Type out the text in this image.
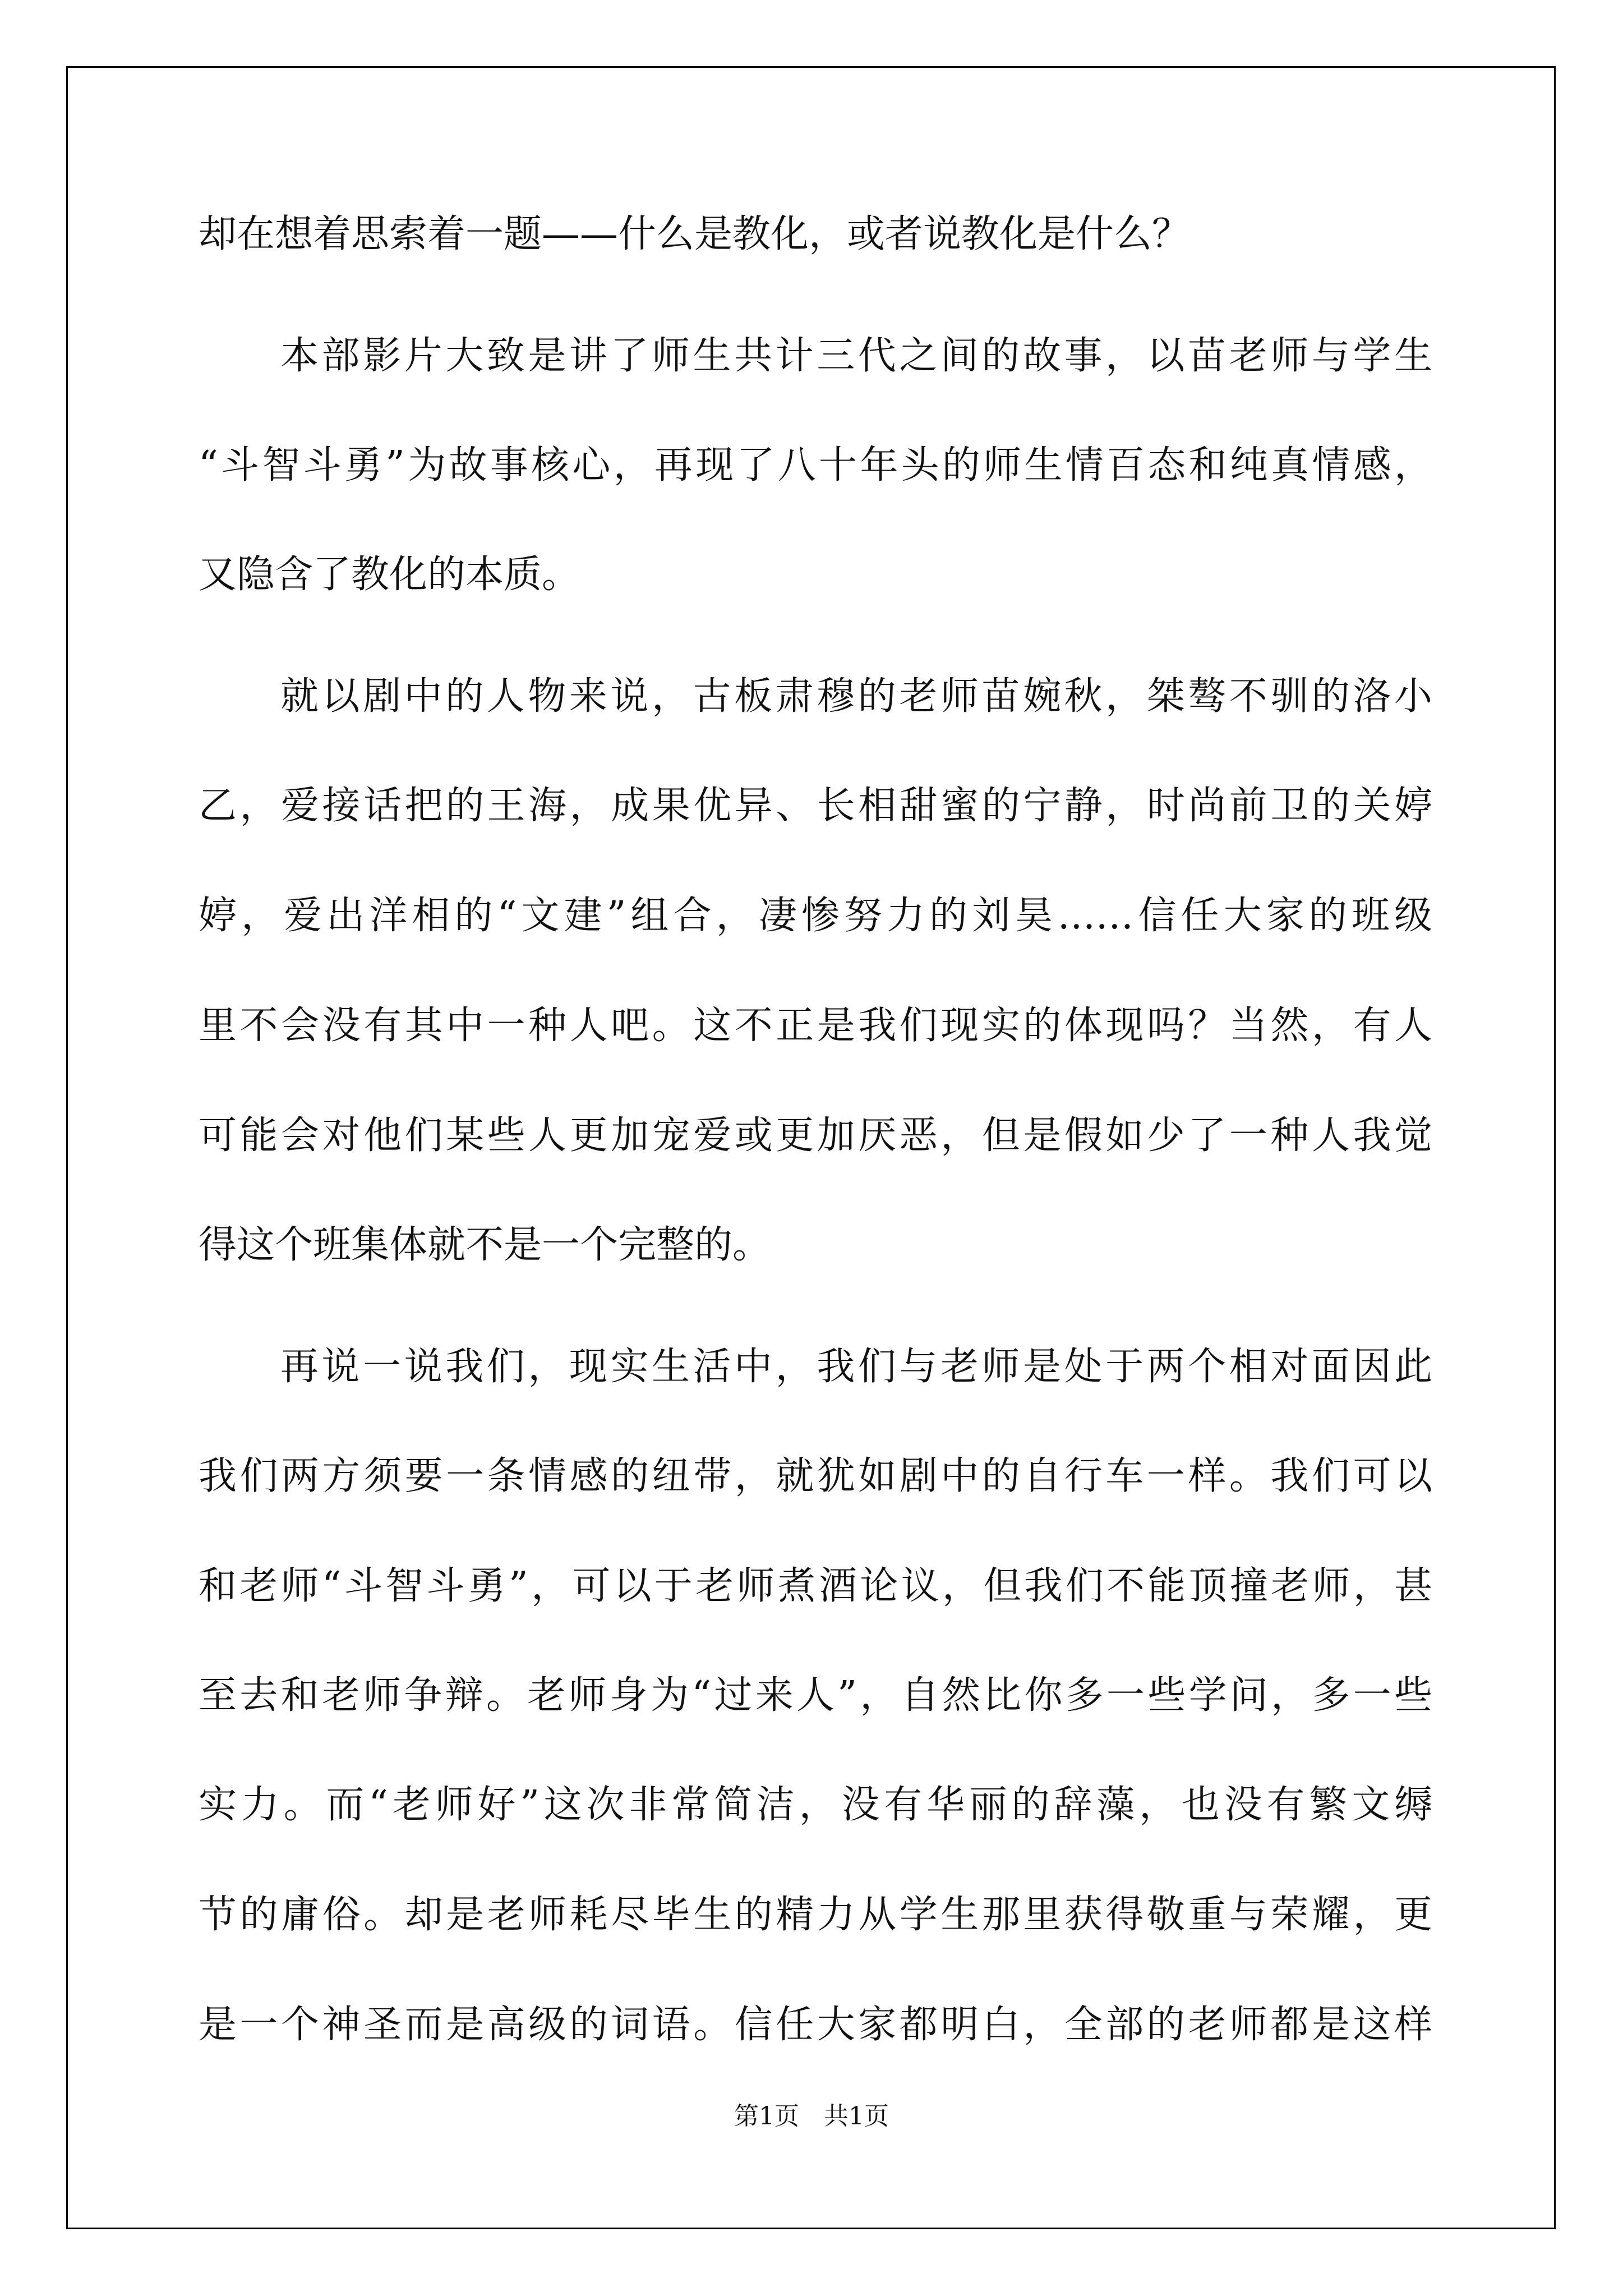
却在想着思索着一题——什么是教化，或者说教化是什么？
本部影片大致是讲了师生共计三代之间的故事，以苗老师与学生
“斗智斗勇”为故事核心，再现了八十年头的师生情百态和纯真情感，
又隐含了教化的本质。
就以剧中的人物来说，古板肃穆的老师苗婉秋，桀骜不驯的洛小
乙，爱接话把的王海，成果优异、长相甜蜜的宁静，时尚前卫的关婷
婷，爱出洋相的“文建”组合，凄惨努力的刘昊……信任大家的班级
里不会没有其中一种人吧。这不正是我们现实的体现吗？当然，有人
可能会对他们某些人更加宠爱或更加厌恶，但是假如少了一种人我觉
得这个班集体就不是一个完整的。
再说一说我们，现实生活中，我们与老师是处于两个相对面因此
我们两方须要一条情感的纽带，就犹如剧中的自行车一样。我们可以
和老师“斗智斗勇”，可以于老师煮酒论议，但我们不能顶撞老师，甚
至去和老师争辩。老师身为“过来人”，自然比你多一些学问，多一些
实力。而“老师好”这次非常简洁，没有华丽的辞藻，也没有繁文缛
节的庸俗。却是老师耗尽毕生的精力从学生那里获得敬重与荣耀，更
是一个神圣而是高级的词语。信任大家都明白，全部的老师都是这样
第1页　共1页
